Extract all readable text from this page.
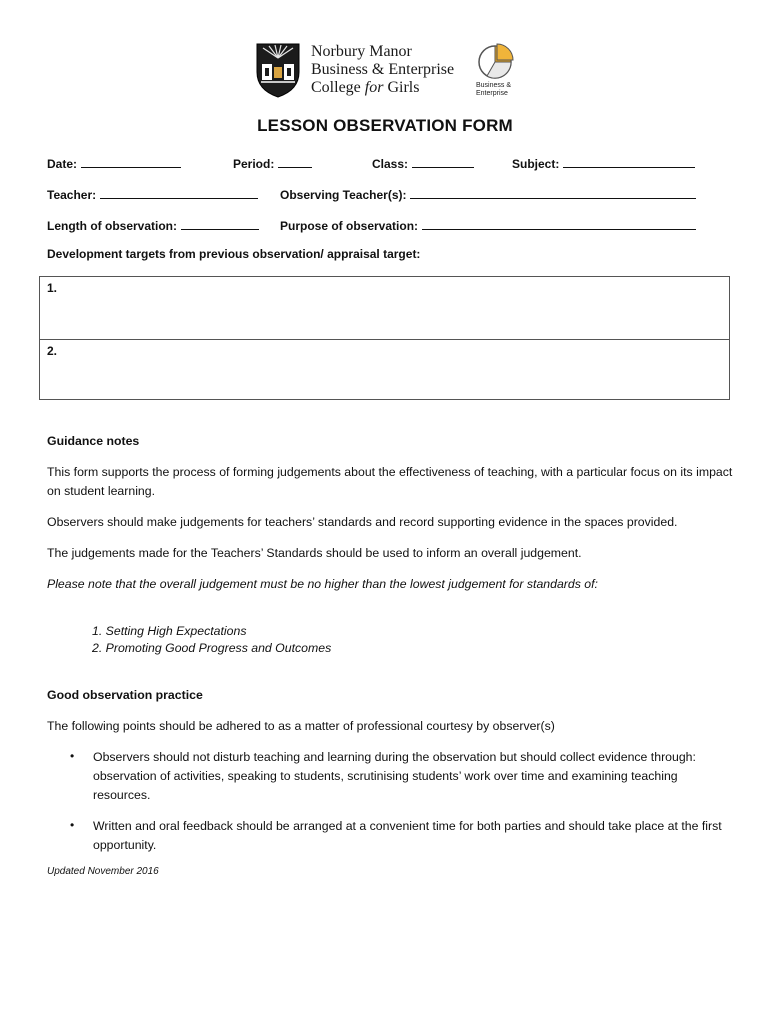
Norbury Manor
Business & Enterprise
College for Girls	Business &
Enterprise
LESSON OBSERVATION FORM
Date:	Period:	Class:	Subject:
Teacher:	Observing Teacher(s):
Length of observation:	Purpose of observation:
Development targets from previous observation/ appraisal target:
1.
2.
Guidance notes
This form supports the process of forming judgements about the effectiveness of teaching, with a particular focus on its impact on student learning.
Observers should make judgements for teachers’ standards and record supporting evidence in the spaces provided.
The judgements made for the Teachers’ Standards should be used to inform an overall judgement.
Please note that the overall judgement must be no higher than the lowest judgement for standards of:
1. Setting High Expectations
2. Promoting Good Progress and Outcomes
Good observation practice
The following points should be adhered to as a matter of professional courtesy by observer(s)
• Observers should not disturb teaching and learning during the observation but should collect evidence through: observation of activities, speaking to students, scrutinising students’ work over time and examining teaching resources.
• Written and oral feedback should be arranged at a convenient time for both parties and should take place at the first opportunity.
Updated November 2016
